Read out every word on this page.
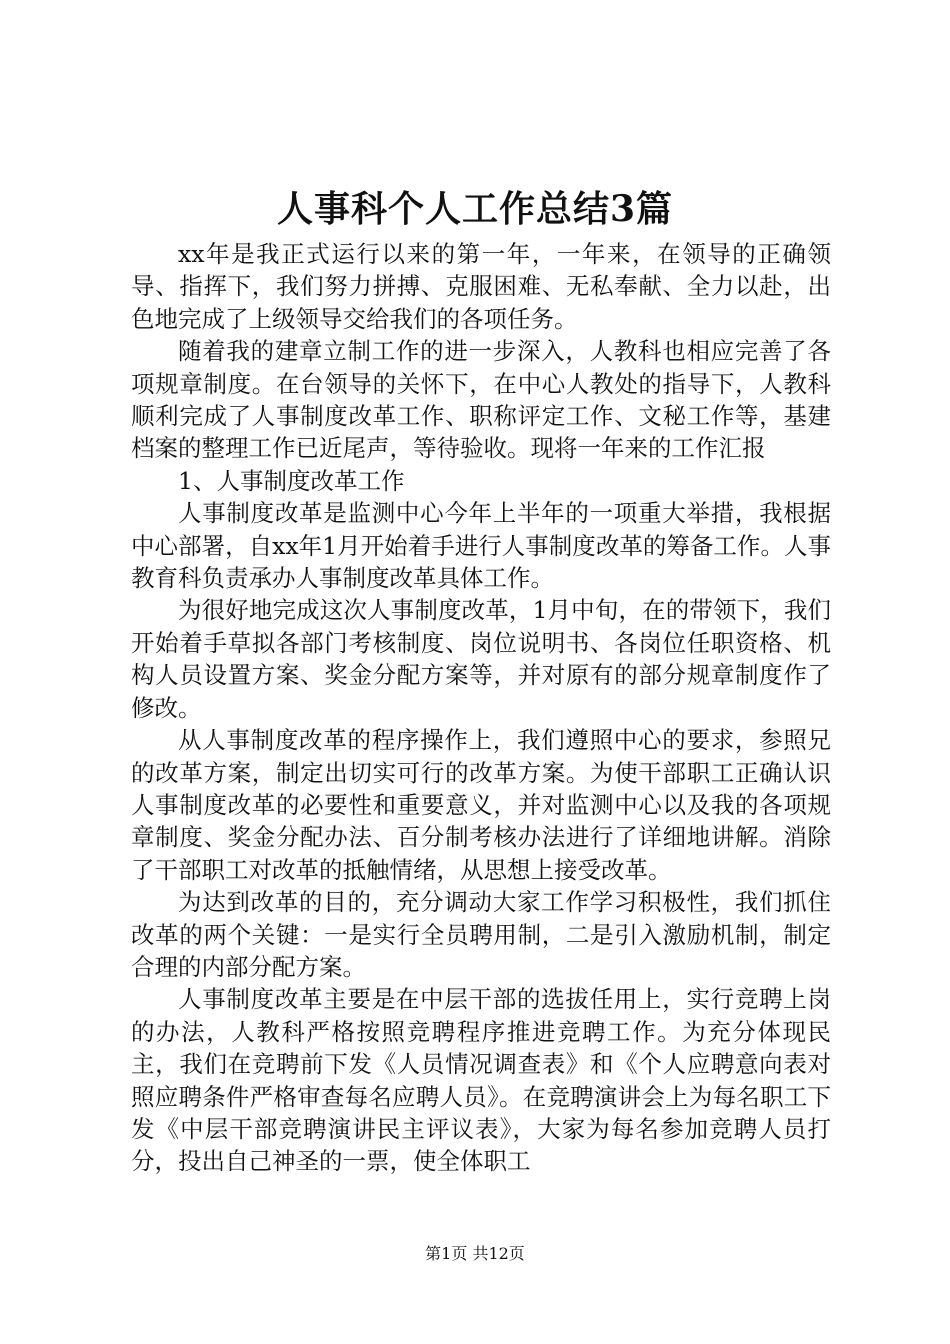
人事科个人工作总结3篇

xx年是我正式运行以来的第一年，一年来，在领导的正确领导、指挥下，我们努力拼搏、克服困难、无私奉献、全力以赴，出色地完成了上级领导交给我们的各项任务。

随着我的建章立制工作的进一步深入，人教科也相应完善了各项规章制度。在台领导的关怀下，在中心人教处的指导下，人教科顺利完成了人事制度改革工作、职称评定工作、文秘工作等，基建档案的整理工作已近尾声，等待验收。现将一年来的工作汇报

1、人事制度改革工作

人事制度改革是监测中心今年上半年的一项重大举措，我根据中心部署，自xx年1月开始着手进行人事制度改革的筹备工作。人事教育科负责承办人事制度改革具体工作。

为很好地完成这次人事制度改革，1月中旬，在的带领下，我们开始着手草拟各部门考核制度、岗位说明书、各岗位任职资格、机构人员设置方案、奖金分配方案等，并对原有的部分规章制度作了修改。

从人事制度改革的程序操作上，我们遵照中心的要求，参照兄的改革方案，制定出切实可行的改革方案。为使干部职工正确认识人事制度改革的必要性和重要意义，并对监测中心以及我的各项规章制度、奖金分配办法、百分制考核办法进行了详细地讲解。消除了干部职工对改革的抵触情绪，从思想上接受改革。

为达到改革的目的，充分调动大家工作学习积极性，我们抓住改革的两个关键：一是实行全员聘用制，二是引入激励机制，制定合理的内部分配方案。

人事制度改革主要是在中层干部的选拔任用上，实行竞聘上岗的办法，人教科严格按照竞聘程序推进竞聘工作。为充分体现民主，我们在竞聘前下发《人员情况调查表》和《个人应聘意向表对照应聘条件严格审查每名应聘人员》。在竞聘演讲会上为每名职工下发《中层干部竞聘演讲民主评议表》，大家为每名参加竞聘人员打分，投出自己神圣的一票，使全体职工

第1页 共12页
